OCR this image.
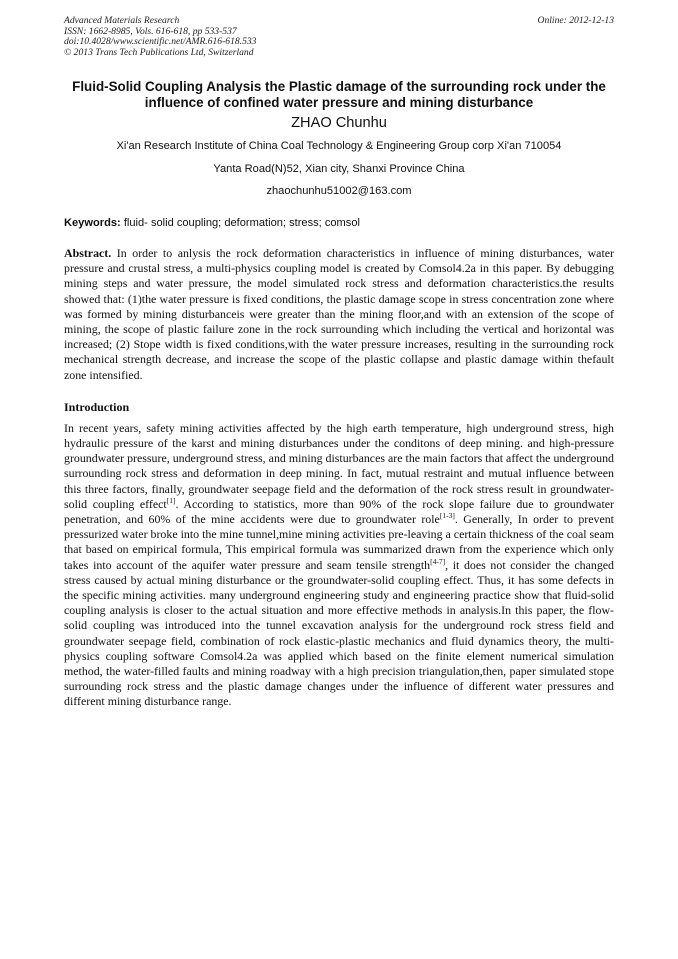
Advanced Materials Research
ISSN: 1662-8985, Vols. 616-618, pp 533-537
doi:10.4028/www.scientific.net/AMR.616-618.533
© 2013 Trans Tech Publications Ltd, Switzerland
Online: 2012-12-13
Fluid-Solid Coupling Analysis the Plastic damage of the surrounding rock under the influence of confined water pressure and mining disturbance
ZHAO Chunhu
Xi'an Research Institute of China Coal Technology & Engineering Group corp Xi'an 710054
Yanta Road(N)52, Xian city, Shanxi Province China
zhaochunhu51002@163.com
Keywords: fluid- solid coupling; deformation; stress; comsol
Abstract. In order to anlysis the rock deformation characteristics in influence of mining disturbances, water pressure and crustal stress, a multi-physics coupling model is created by Comsol4.2a in this paper. By debugging mining steps and water pressure, the model simulated rock stress and deformation characteristics.the results showed that: (1)the water pressure is fixed conditions, the plastic damage scope in stress concentration zone where was formed by mining disturbanceis were greater than the mining floor,and with an extension of the scope of mining, the scope of plastic failure zone in the rock surrounding which including the vertical and horizontal was increased; (2) Stope width is fixed conditions,with the water pressure increases, resulting in the surrounding rock mechanical strength decrease, and increase the scope of the plastic collapse and plastic damage within thefault zone intensified.
Introduction
In recent years, safety mining activities affected by the high earth temperature, high underground stress, high hydraulic pressure of the karst and mining disturbances under the conditons of deep mining. and high-pressure groundwater pressure, underground stress, and mining disturbances are the main factors that affect the underground surrounding rock stress and deformation in deep mining. In fact, mutual restraint and mutual influence between this three factors, finally, groundwater seepage field and the deformation of the rock stress result in groundwater-solid coupling effect[1]. According to statistics, more than 90% of the rock slope failure due to groundwater penetration, and 60% of the mine accidents were due to groundwater role[1-3]. Generally, In order to prevent pressurized water broke into the mine tunnel,mine mining activities pre-leaving a certain thickness of the coal seam that based on empirical formula, This empirical formula was summarized drawn from the experience which only takes into account of the aquifer water pressure and seam tensile strength[4-7], it does not consider the changed stress caused by actual mining disturbance or the groundwater-solid coupling effect. Thus, it has some defects in the specific mining activities. many underground engineering study and engineering practice show that fluid-solid coupling analysis is closer to the actual situation and more effective methods in analysis.In this paper, the flow-solid coupling was introduced into the tunnel excavation analysis for the underground rock stress field and groundwater seepage field, combination of rock elastic-plastic mechanics and fluid dynamics theory, the multi-physics coupling software Comsol4.2a was applied which based on the finite element numerical simulation method, the water-filled faults and mining roadway with a high precision triangulation,then, paper simulated stope surrounding rock stress and the plastic damage changes under the influence of different water pressures and different mining disturbance range.
